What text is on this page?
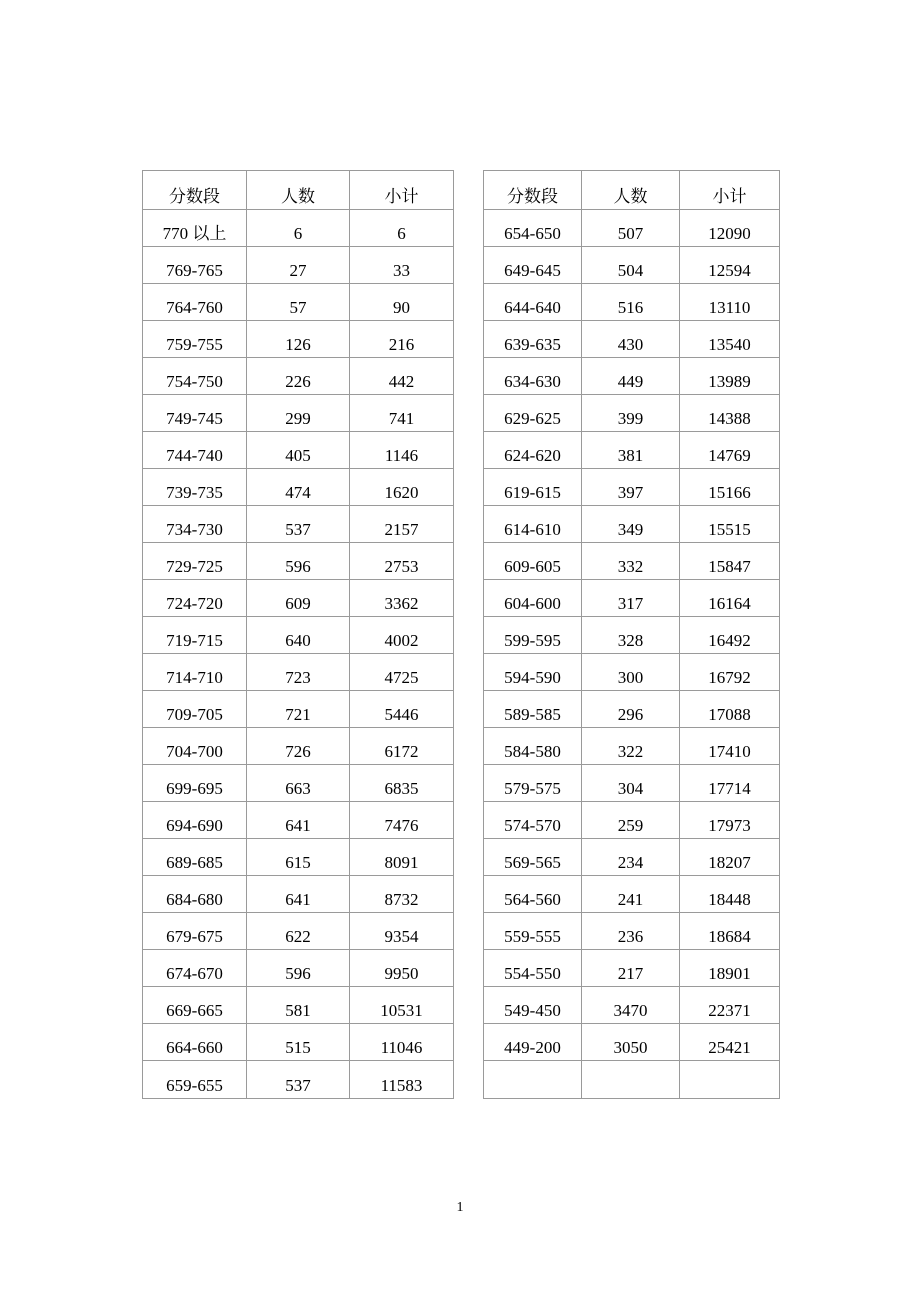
分数段	人数	小计
770 以上	6	6
769-765	27	33
764-760	57	90
759-755	126	216
754-750	226	442
749-745	299	741
744-740	405	1146
739-735	474	1620
734-730	537	2157
729-725	596	2753
724-720	609	3362
719-715	640	4002
714-710	723	4725
709-705	721	5446
704-700	726	6172
699-695	663	6835
694-690	641	7476
689-685	615	8091
684-680	641	8732
679-675	622	9354
674-670	596	9950
669-665	581	10531
664-660	515	11046
659-655	537	11583
分数段	人数	小计
654-650	507	12090
649-645	504	12594
644-640	516	13110
639-635	430	13540
634-630	449	13989
629-625	399	14388
624-620	381	14769
619-615	397	15166
614-610	349	15515
609-605	332	15847
604-600	317	16164
599-595	328	16492
594-590	300	16792
589-585	296	17088
584-580	322	17410
579-575	304	17714
574-570	259	17973
569-565	234	18207
564-560	241	18448
559-555	236	18684
554-550	217	18901
549-450	3470	22371
449-200	3050	25421

1
